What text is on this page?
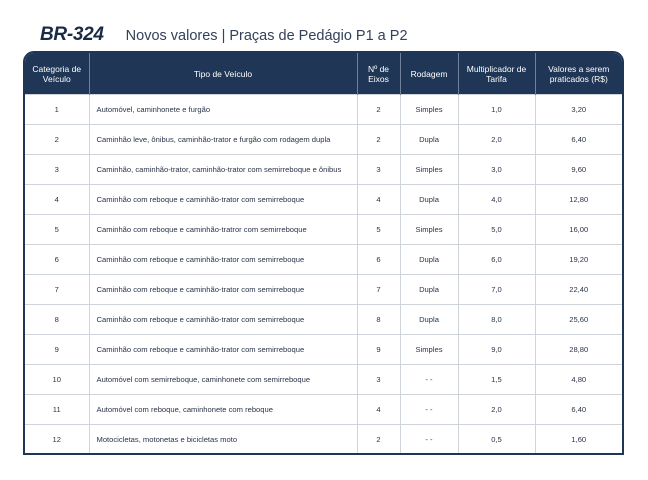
BR-324 Novos valores | Praças de Pedágio P1 a P2
Categoria de Veículo	Tipo de Veículo	Nº de Eixos	Rodagem	Multiplicador de Tarifa	Valores a serem praticados (R$)
1	Automóvel, caminhonete e furgão	2	Simples	1,0	3,20
2	Caminhão leve, ônibus, caminhão-trator e furgão com rodagem dupla	2	Dupla	2,0	6,40
3	Caminhão, caminhão-trator, caminhão-trator com semirreboque e ônibus	3	Simples	3,0	9,60
4	Caminhão com reboque e caminhão-trator com semirreboque	4	Dupla	4,0	12,80
5	Caminhão com reboque e caminhão-tratror com semirreboque	5	Simples	5,0	16,00
6	Caminhão com reboque e caminhão-trator com semirreboque	6	Dupla	6,0	19,20
7	Caminhão com reboque e caminhão-trator com semirreboque	7	Dupla	7,0	22,40
8	Caminhão com reboque e caminhão-trator com semirreboque	8	Dupla	8,0	25,60
9	Caminhão com reboque e caminhão-trator com semirreboque	9	Simples	9,0	28,80
10	Automóvel com semirreboque, caminhonete com semirreboque	3	- -	1,5	4,80
11	Automóvel com reboque, caminhonete com reboque	4	- -	2,0	6,40
12	Motocicletas, motonetas e bicicletas moto	2	- -	0,5	1,60
